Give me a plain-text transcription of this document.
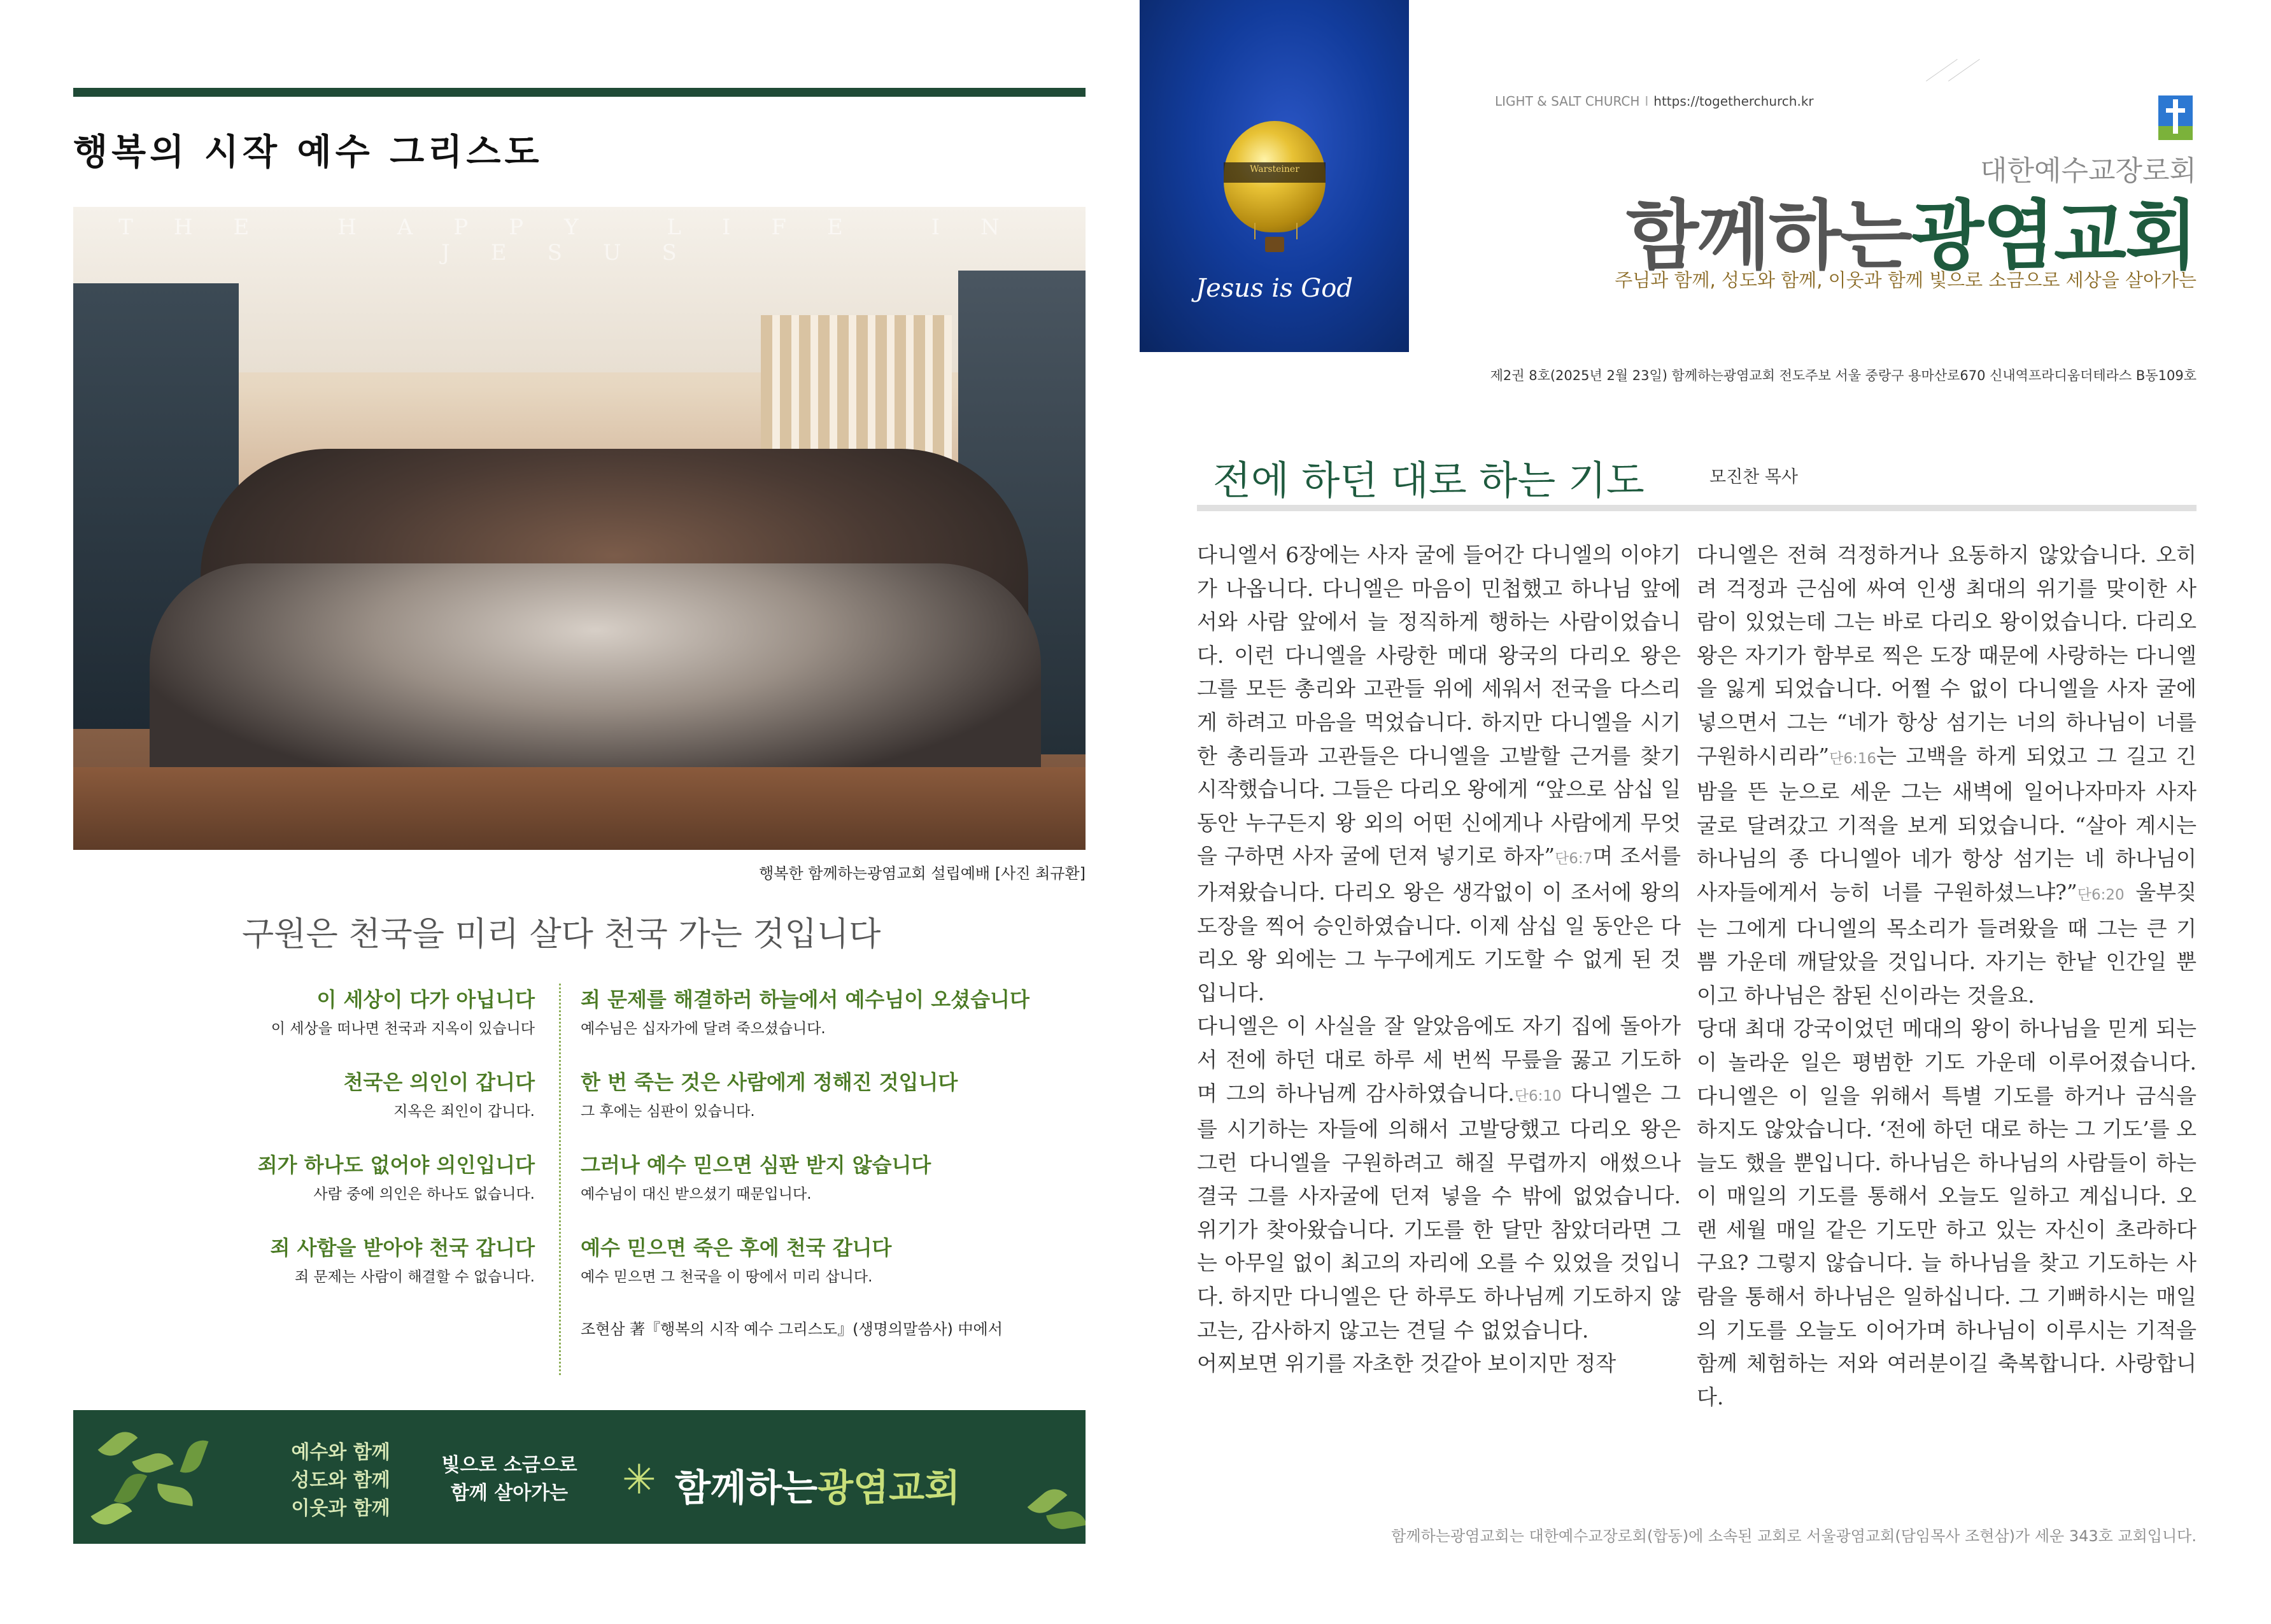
행복의 시작 예수 그리스도
THE HAPPY LIFE IN JESUS
행복한 함께하는광염교회 설립예배 [사진 최규환]
구원은 천국을 미리 살다 천국 가는 것입니다
이 세상이 다가 아닙니다
이 세상을 떠나면 천국과 지옥이 있습니다
천국은 의인이 갑니다
지옥은 죄인이 갑니다.
죄가 하나도 없어야 의인입니다
사람 중에 의인은 하나도 없습니다.
죄 사함을 받아야 천국 갑니다
죄 문제는 사람이 해결할 수 없습니다.
죄 문제를 해결하러 하늘에서 예수님이 오셨습니다
예수님은 십자가에 달려 죽으셨습니다.
한 번 죽는 것은 사람에게 정해진 것입니다
그 후에는 심판이 있습니다.
그러나 예수 믿으면 심판 받지 않습니다
예수님이 대신 받으셨기 때문입니다.
예수 믿으면 죽은 후에 천국 갑니다
예수 믿으면 그 천국을 이 땅에서 미리 삽니다.
조현삼 著『행복의 시작 예수 그리스도』(생명의말씀사) 中에서
예수와 함께
성도와 함께
이웃과 함께
빛으로 소금으로
함께 살아가는	✳ 함께하는광염교회
Warsteiner
Jesus is God
LIGHT & SALT CHURCH I https://togetherchurch.kr
대한예수교장로회
함께하는광염교회
주님과 함께, 성도와 함께, 이웃과 함께 빛으로 소금으로 세상을 살아가는
제2권 8호(2025년 2월 23일) 함께하는광염교회 전도주보 서울 중랑구 용마산로670 신내역프라디움더테라스 B동109호
전에 하던 대로 하는 기도	모진찬 목사

다니엘서 6장에는 사자 굴에 들어간 다니엘의 이야기가 나옵니다. 다니엘은 마음이 민첩했고 하나님 앞에서와 사람 앞에서 늘 정직하게 행하는 사람이었습니다. 이런 다니엘을 사랑한 메대 왕국의 다리오 왕은 그를 모든 총리와 고관들 위에 세워서 전국을 다스리게 하려고 마음을 먹었습니다. 하지만 다니엘을 시기한 총리들과 고관들은 다니엘을 고발할 근거를 찾기 시작했습니다. 그들은 다리오 왕에게 “앞으로 삼십 일 동안 누구든지 왕 외의 어떤 신에게나 사람에게 무엇을 구하면 사자 굴에 던져 넣기로 하자”단6:7며 조서를 가져왔습니다. 다리오 왕은 생각없이 이 조서에 왕의 도장을 찍어 승인하였습니다. 이제 삼십 일 동안은 다리오 왕 외에는 그 누구에게도 기도할 수 없게 된 것입니다.

다니엘은 이 사실을 잘 알았음에도 자기 집에 돌아가서 전에 하던 대로 하루 세 번씩 무릎을 꿇고 기도하며 그의 하나님께 감사하였습니다.단6:10 다니엘은 그를 시기하는 자들에 의해서 고발당했고 다리오 왕은 그런 다니엘을 구원하려고 해질 무렵까지 애썼으나 결국 그를 사자굴에 던져 넣을 수 밖에 없었습니다. 위기가 찾아왔습니다. 기도를 한 달만 참았더라면 그는 아무일 없이 최고의 자리에 오를 수 있었을 것입니다. 하지만 다니엘은 단 하루도 하나님께 기도하지 않고는, 감사하지 않고는 견딜 수 없었습니다.

어찌보면 위기를 자초한 것같아 보이지만 정작

다니엘은 전혀 걱정하거나 요동하지 않았습니다. 오히려 걱정과 근심에 싸여 인생 최대의 위기를 맞이한 사람이 있었는데 그는 바로 다리오 왕이었습니다. 다리오 왕은 자기가 함부로 찍은 도장 때문에 사랑하는 다니엘을 잃게 되었습니다. 어쩔 수 없이 다니엘을 사자 굴에 넣으면서 그는 “네가 항상 섬기는 너의 하나님이 너를 구원하시리라”단6:16는 고백을 하게 되었고 그 길고 긴 밤을 뜬 눈으로 세운 그는 새벽에 일어나자마자 사자 굴로 달려갔고 기적을 보게 되었습니다. “살아 계시는 하나님의 종 다니엘아 네가 항상 섬기는 네 하나님이 사자들에게서 능히 너를 구원하셨느냐?”단6:20 울부짖는 그에게 다니엘의 목소리가 들려왔을 때 그는 큰 기쁨 가운데 깨달았을 것입니다. 자기는 한낱 인간일 뿐이고 하나님은 참된 신이라는 것을요.

당대 최대 강국이었던 메대의 왕이 하나님을 믿게 되는 이 놀라운 일은 평범한 기도 가운데 이루어졌습니다. 다니엘은 이 일을 위해서 특별 기도를 하거나 금식을 하지도 않았습니다. ‘전에 하던 대로 하는 그 기도’를 오늘도 했을 뿐입니다. 하나님은 하나님의 사람들이 하는 이 매일의 기도를 통해서 오늘도 일하고 계십니다. 오랜 세월 매일 같은 기도만 하고 있는 자신이 초라하다구요? 그렇지 않습니다. 늘 하나님을 찾고 기도하는 사람을 통해서 하나님은 일하십니다. 그 기뻐하시는 매일의 기도를 오늘도 이어가며 하나님이 이루시는 기적을 함께 체험하는 저와 여러분이길 축복합니다. 사랑합니다.

함께하는광염교회는 대한예수교장로회(합동)에 소속된 교회로 서울광염교회(담임목사 조현삼)가 세운 343호 교회입니다.
